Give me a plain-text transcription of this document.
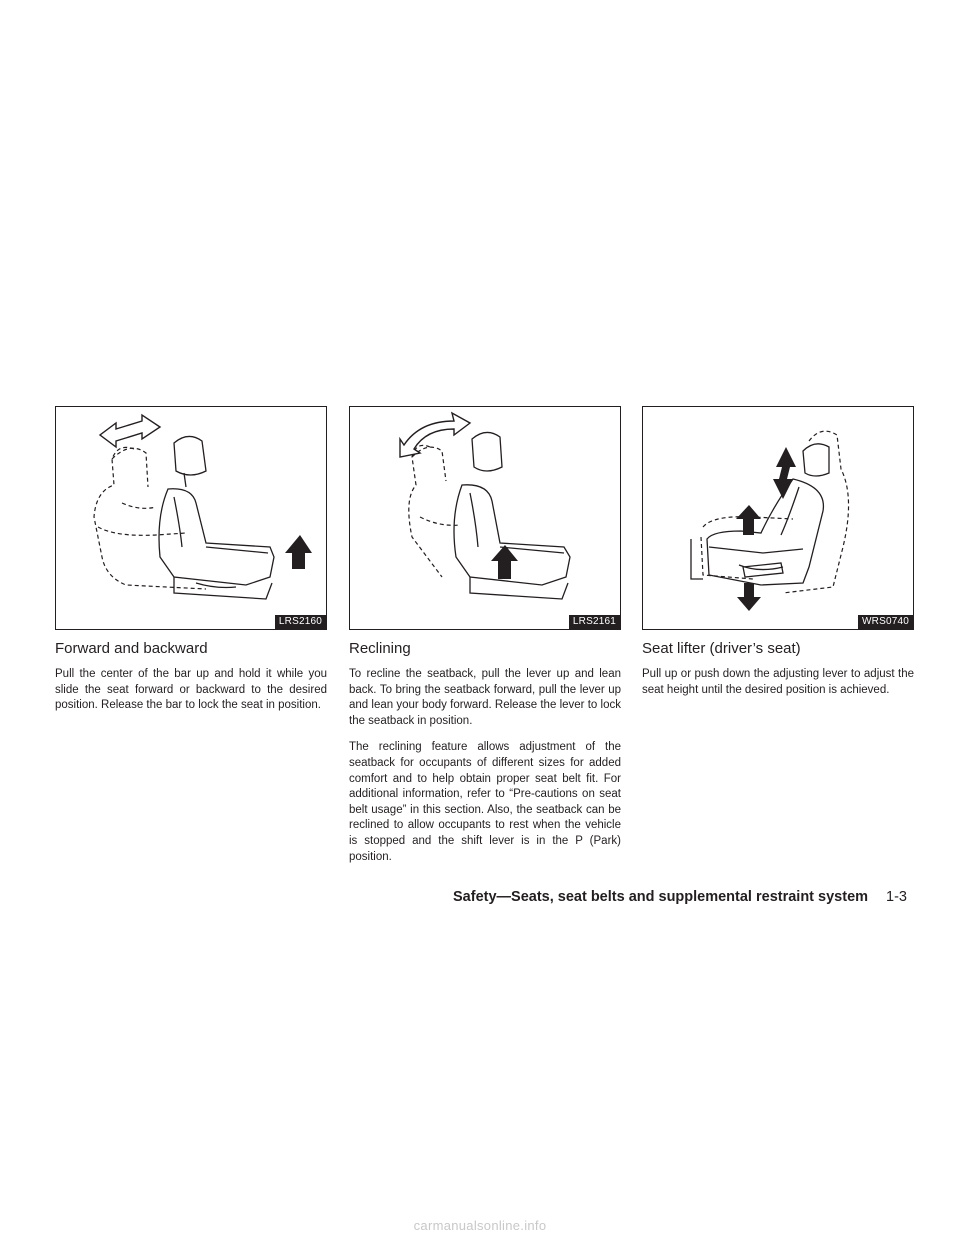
LRS2160
Forward and backward

Pull the center of the bar up and hold it while you slide the seat forward or backward to the desired position. Release the bar to lock the seat in position.

LRS2161
Reclining

To recline the seatback, pull the lever up and lean back. To bring the seatback forward, pull the lever up and lean your body forward. Release the lever to lock the seatback in position.

The reclining feature allows adjustment of the seatback for occupants of different sizes for added comfort and to help obtain proper seat belt fit. For additional information, refer to “Pre-cautions on seat belt usage” in this section. Also, the seatback can be reclined to allow occupants to rest when the vehicle is stopped and the shift lever is in the P (Park) position.

WRS0740
Seat lifter (driver’s seat)

Pull up or push down the adjusting lever to adjust the seat height until the desired position is achieved.

Safety—Seats, seat belts and supplemental restraint system 1-3
carmanualsonline.info
